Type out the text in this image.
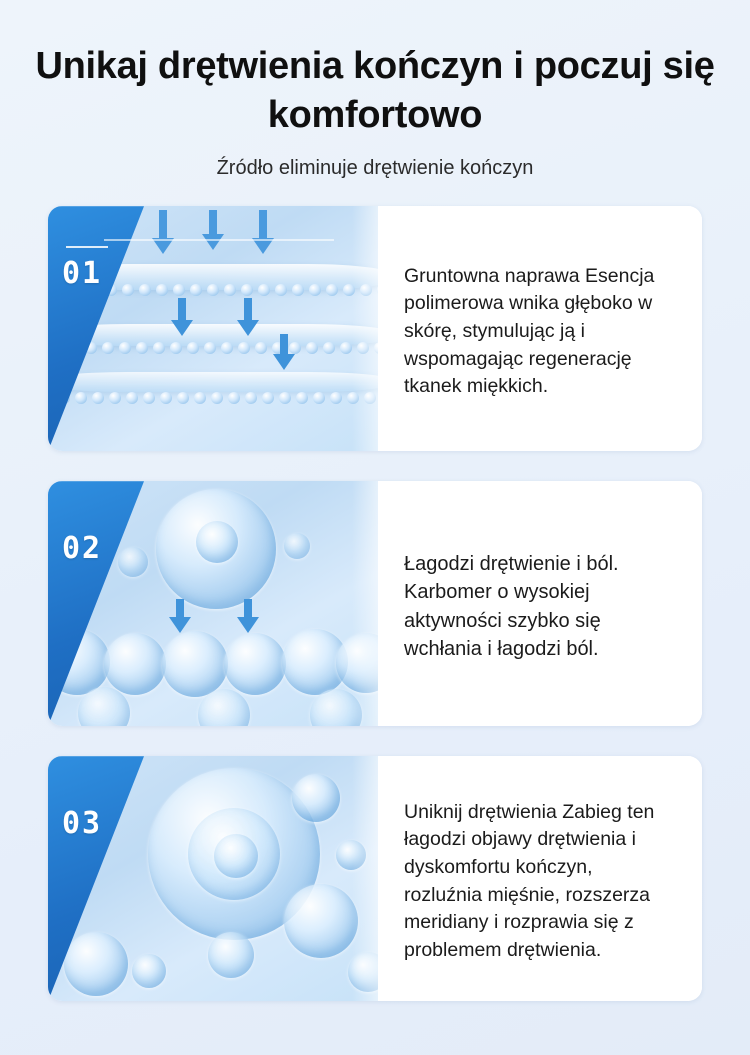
Unikaj drętwienia kończyn i poczuj się komfortowo

Źródło eliminuje drętwienie kończyn

01	Gruntowna naprawa Esencja polimerowa wnika głęboko w skórę, stymulując ją i wspomagając regenerację tkanek miękkich.

02	Łagodzi drętwienie i ból. Karbomer o wysokiej aktywności szybko się wchłania i łagodzi ból.

03	Uniknij drętwienia Zabieg ten łagodzi objawy drętwienia i dyskomfortu kończyn, rozluźnia mięśnie, rozszerza meridiany i rozprawia się z problemem drętwienia.
